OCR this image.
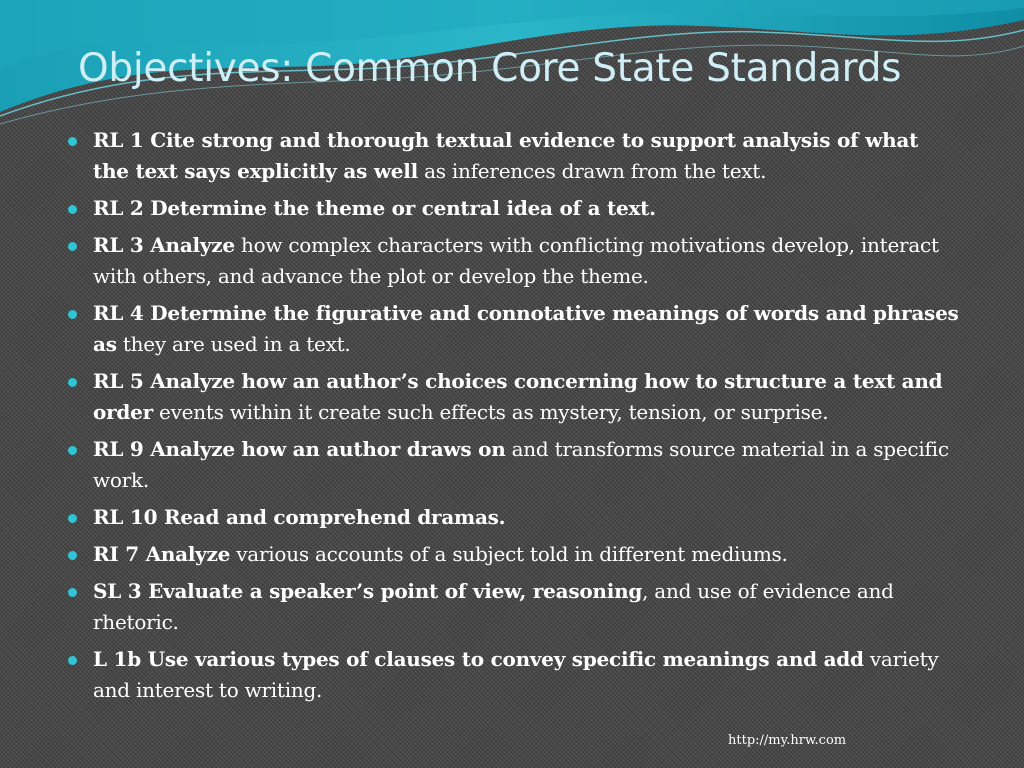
Objectives: Common Core State Standards
RL 1 Cite strong and thorough textual evidence to support analysis of what the text says explicitly as well as inferences drawn from the text.
RL 2 Determine the theme or central idea of a text.
RL 3 Analyze how complex characters with conflicting motivations develop, interact with others, and advance the plot or develop the theme.
RL 4 Determine the figurative and connotative meanings of words and phrases as they are used in a text.
RL 5 Analyze how an author’s choices concerning how to structure a text and order events within it create such effects as mystery, tension, or surprise.
RL 9 Analyze how an author draws on and transforms source material in a specific work.
RL 10 Read and comprehend dramas.
RI 7 Analyze various accounts of a subject told in different mediums.
SL 3 Evaluate a speaker’s point of view, reasoning, and use of evidence and rhetoric.
L 1b Use various types of clauses to convey specific meanings and add variety and interest to writing.
http://my.hrw.com
